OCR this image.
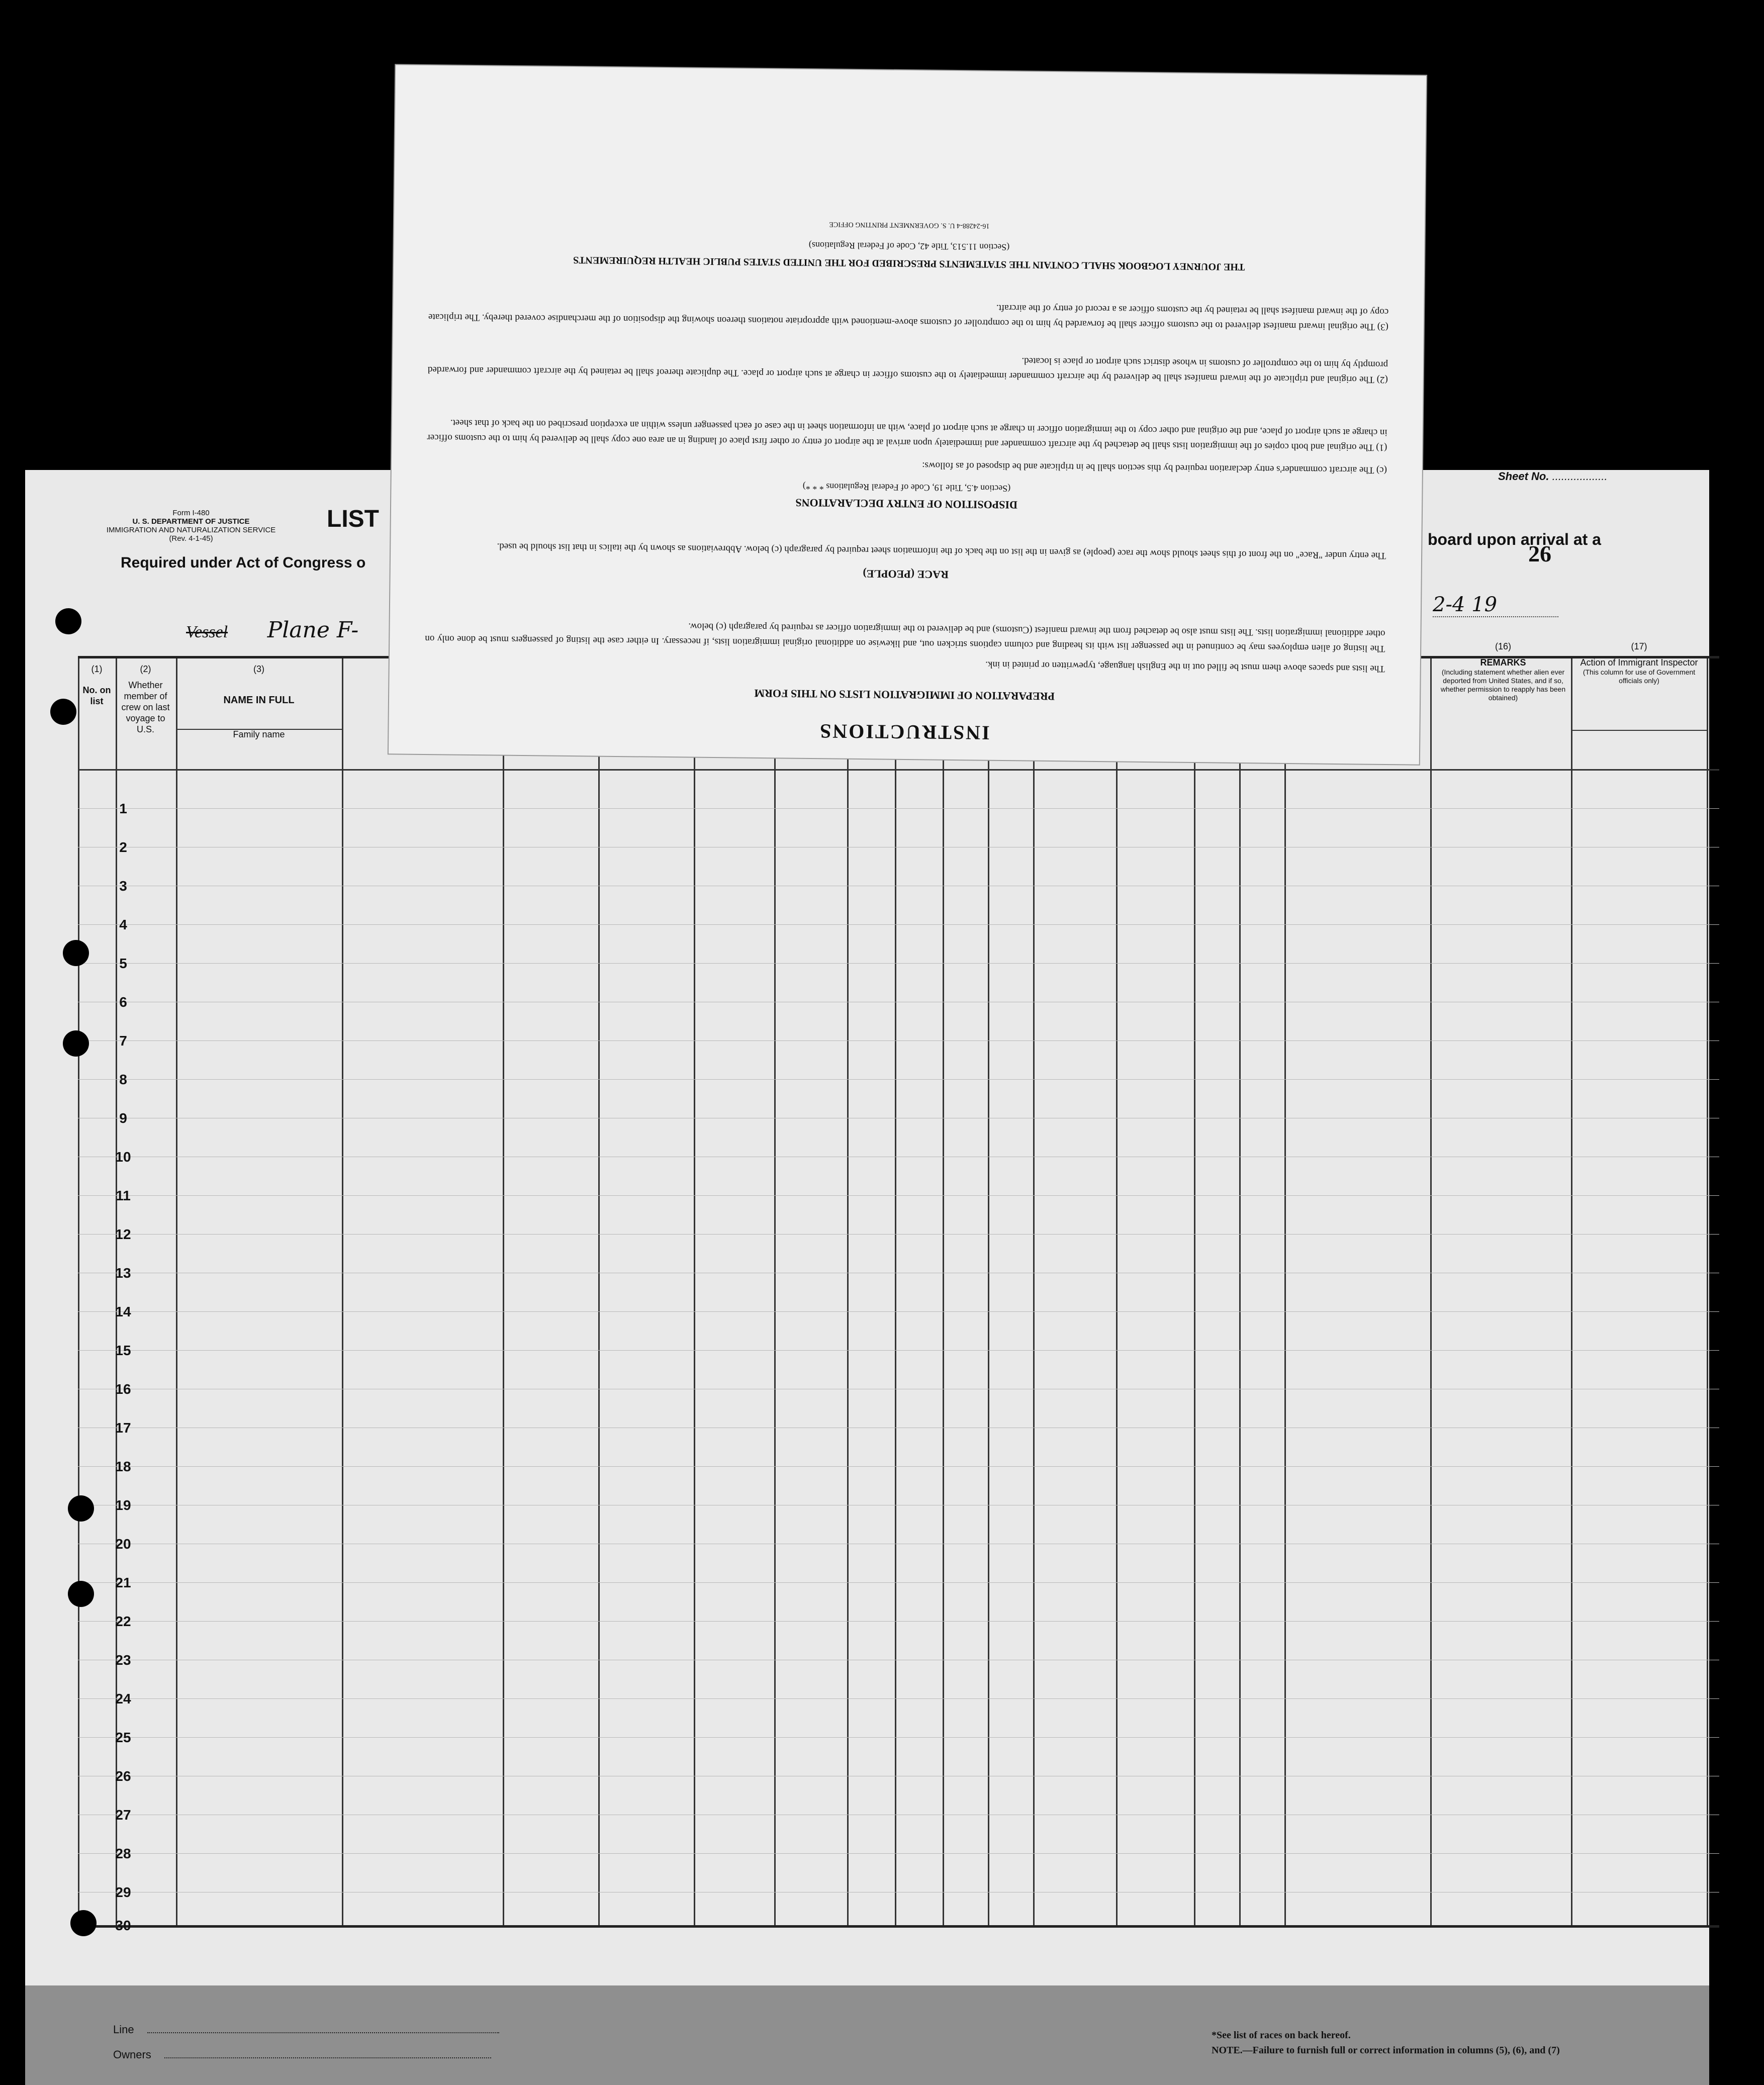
Form I-480
U. S. DEPARTMENT OF JUSTICE
IMMIGRATION AND NATURALIZATION SERVICE
(Rev. 4-1-45)
LIST
Required under Act of Congress o
Sheet No. ..................
board upon arrival at a
26
Vessel Plane F-
2-4 19
(1)
No. on list
(2)
Whether member of crew on last voyage to U.S.
(3)
NAME IN FULL
Family name
(16)
REMARKS
(Including statement whether alien ever deported from United States, and if so, whether permission to reapply has been obtained)
(17)
Action of Immigrant Inspector
(This column for use of Government officials only)
1
2
3
4
5
6
7
8
9
10
11
12
13
14
15
16
17
18
19
20
21
22
23
24
25
26
27
28
29
30
Line
Owners
*See list of races on back hereof.
NOTE.—Failure to furnish full or correct information in columns (5), (6), and (7)
INSTRUCTIONS
PREPARATION OF IMMIGRATION LISTS ON THIS FORM
The lists and spaces above them must be filled out in the English language, typewritten or printed in ink.
The listing of alien employees may be continued in the passenger list with its heading and column captions stricken out, and likewise on additional original immigration lists, if necessary. In either case the listing of passengers must be done only on other additional immigration lists. The lists must also be detached from the inward manifest (Customs) and be delivered to the immigration officer as required by paragraph (c) below.
RACE (PEOPLE)
The entry under "Race" on the front of this sheet should show the race (people) as given in the list on the back of the information sheet required by paragraph (c) below. Abbreviations as shown by the italics in that list should be used.
DISPOSITION OF ENTRY DECLARATIONS
(Section 4.5, Title 19, Code of Federal Regulations * * *)
(c) The aircraft commander's entry declaration required by this section shall be in triplicate and be disposed of as follows:
(1) The original and both copies of the immigration lists shall be detached by the aircraft commander and immediately upon arrival at the airport of entry or other first place of landing in an area one copy shall be delivered by him to the customs officer in charge at such airport of place, and the original and other copy to the immigration officer in charge at such airport of place, with an information sheet in the case of each passenger unless within an exception prescribed on the back of that sheet.
(2) The original and triplicate of the inward manifest shall be delivered by the aircraft commander immediately to the customs officer in charge at such airport or place. The duplicate thereof shall be retained by the aircraft commander and forwarded promptly by him to the comptroller of customs in whose district such airport or place is located.
(3) The original inward manifest delivered to the customs officer shall be forwarded by him to the comptroller of customs above-mentioned with appropriate notations thereon showing the disposition of the merchandise covered thereby. The triplicate copy of the inward manifest shall be retained by the customs officer as a record of entry of the aircraft.
THE JOURNEY LOGBOOK SHALL CONTAIN THE STATEMENTS PRESCRIBED FOR THE UNITED STATES PUBLIC HEALTH REQUIREMENTS
(Section 11.513, Title 42, Code of Federal Regulations)
16-24288-4 U. S. GOVERNMENT PRINTING OFFICE
